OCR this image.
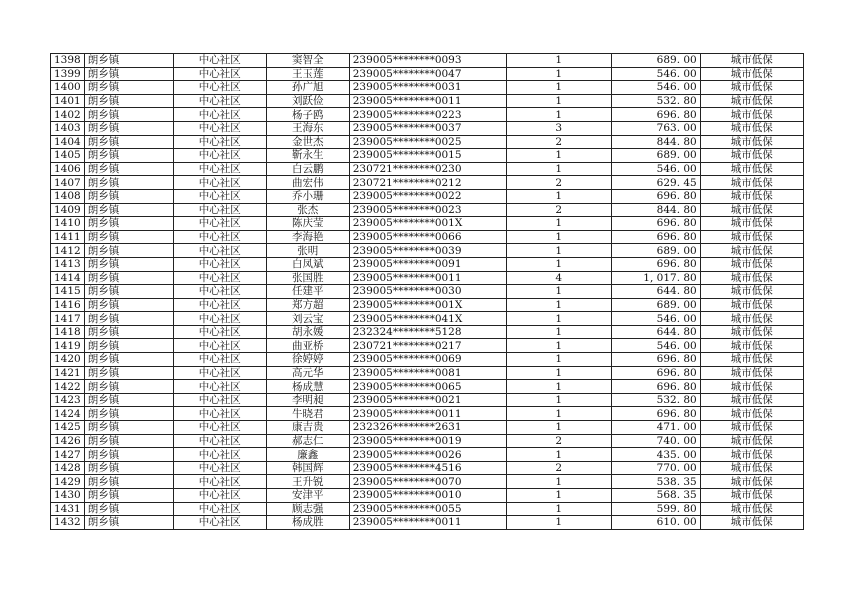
1398	朗乡镇	中心社区	窦智全	239005********0093	1	689. 00	城市低保
1399	朗乡镇	中心社区	王玉莲	239005********0047	1	546. 00	城市低保
1400	朗乡镇	中心社区	孙广旭	239005********0031	1	546. 00	城市低保
1401	朗乡镇	中心社区	刘跃俭	239005********0011	1	532. 80	城市低保
1402	朗乡镇	中心社区	杨子鸥	239005********0223	1	696. 80	城市低保
1403	朗乡镇	中心社区	王海东	239005********0037	3	763. 00	城市低保
1404	朗乡镇	中心社区	金世杰	239005********0025	2	844. 80	城市低保
1405	朗乡镇	中心社区	靳永生	239005********0015	1	689. 00	城市低保
1406	朗乡镇	中心社区	白云鹏	230721********0230	1	546. 00	城市低保
1407	朗乡镇	中心社区	曲宏伟	230721********0212	2	629. 45	城市低保
1408	朗乡镇	中心社区	乔小珊	239005********0022	1	696. 80	城市低保
1409	朗乡镇	中心社区	张杰	239005********0023	2	844. 80	城市低保
1410	朗乡镇	中心社区	陈庆莹	239005********001X	1	696. 80	城市低保
1411	朗乡镇	中心社区	李海艳	239005********0066	1	696. 80	城市低保
1412	朗乡镇	中心社区	张明	239005********0039	1	689. 00	城市低保
1413	朗乡镇	中心社区	白凤斌	239005********0091	1	696. 80	城市低保
1414	朗乡镇	中心社区	张国胜	239005********0011	4	1, 017. 80	城市低保
1415	朗乡镇	中心社区	任建平	239005********0030	1	644. 80	城市低保
1416	朗乡镇	中心社区	郑方超	239005********001X	1	689. 00	城市低保
1417	朗乡镇	中心社区	刘云宝	239005********041X	1	546. 00	城市低保
1418	朗乡镇	中心社区	胡永媛	232324********5128	1	644. 80	城市低保
1419	朗乡镇	中心社区	曲亚桥	230721********0217	1	546. 00	城市低保
1420	朗乡镇	中心社区	徐婷婷	239005********0069	1	696. 80	城市低保
1421	朗乡镇	中心社区	高元华	239005********0081	1	696. 80	城市低保
1422	朗乡镇	中心社区	杨成慧	239005********0065	1	696. 80	城市低保
1423	朗乡镇	中心社区	李明昶	239005********0021	1	532. 80	城市低保
1424	朗乡镇	中心社区	牛晓君	239005********0011	1	696. 80	城市低保
1425	朗乡镇	中心社区	康吉贵	232326********2631	1	471. 00	城市低保
1426	朗乡镇	中心社区	郝志仁	239005********0019	2	740. 00	城市低保
1427	朗乡镇	中心社区	廉鑫	239005********0026	1	435. 00	城市低保
1428	朗乡镇	中心社区	韩国辉	239005********4516	2	770. 00	城市低保
1429	朗乡镇	中心社区	王升锐	239005********0070	1	538. 35	城市低保
1430	朗乡镇	中心社区	安津平	239005********0010	1	568. 35	城市低保
1431	朗乡镇	中心社区	顾志强	239005********0055	1	599. 80	城市低保
1432	朗乡镇	中心社区	杨成胜	239005********0011	1	610. 00	城市低保
